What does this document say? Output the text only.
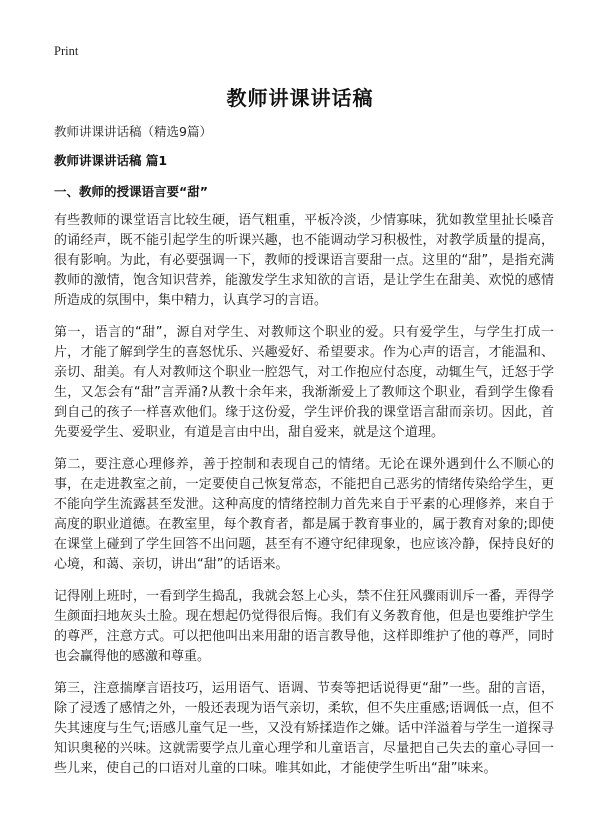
Print
教师讲课讲话稿
教师讲课讲话稿（精选9篇）
教师讲课讲话稿 篇1
一、教师的授课语言要“甜”

有些教师的课堂语言比较生硬，语气粗重，平板冷淡，少情寡味，犹如教堂里扯长嗓音的诵经声，既不能引起学生的听课兴趣，也不能调动学习积极性，对教学质量的提高，很有影响。为此，有必要强调一下，教师的授课语言要甜一点。这里的“甜”，是指充满教师的激情，饱含知识营养，能激发学生求知欲的言语，是让学生在甜美、欢悦的感情所造成的氛围中，集中精力，认真学习的言语。

第一，语言的“甜”，源自对学生、对教师这个职业的爱。只有爱学生，与学生打成一片，才能了解到学生的喜怒忧乐、兴趣爱好、希望要求。作为心声的语言，才能温和、亲切、甜美。有人对教师这个职业一腔怨气，对工作抱应付态度，动辄生气，迁怒于学生，又怎会有“甜”言弄涌?从教十余年来，我渐渐爱上了教师这个职业，看到学生像看到自己的孩子一样喜欢他们。缘于这份爱，学生评价我的课堂语言甜而亲切。因此，首先要爱学生、爱职业，有道是言由中出，甜自爱来，就是这个道理。

第二，要注意心理修养，善于控制和表现自己的情绪。无论在课外遇到什么不顺心的事，在走进教室之前，一定要使自己恢复常态，不能把自己恶劣的情绪传染给学生，更不能向学生流露甚至发泄。这种高度的情绪控制力首先来自于平素的心理修养，来自于高度的职业道德。在教室里，每个教育者，都是属于教育事业的，属于教育对象的;即使在课堂上碰到了学生回答不出问题，甚至有不遵守纪律现象，也应该冷静，保持良好的心境，和蔼、亲切，讲出“甜”的话语来。

记得刚上班时，一看到学生捣乱，我就会怒上心头，禁不住狂风骤雨训斥一番，弄得学生颜面扫地灰头土脸。现在想起仍觉得很后悔。我们有义务教育他，但是也要维护学生的尊严，注意方式。可以把他叫出来用甜的语言教导他，这样即维护了他的尊严，同时也会赢得他的感激和尊重。

第三，注意揣摩言语技巧，运用语气、语调、节奏等把话说得更“甜”一些。甜的言语，除了浸透了感情之外，一般还表现为语气亲切，柔软，但不失庄重感;语调低一点，但不失其速度与生气;语感儿童气足一些，又没有矫揉造作之嫌。话中洋溢着与学生一道探寻知识奥秘的兴味。这就需要学点儿童心理学和儿童语言，尽量把自己失去的童心寻回一些儿来，使自己的口语对儿童的口味。唯其如此，才能使学生听出“甜”味来。
